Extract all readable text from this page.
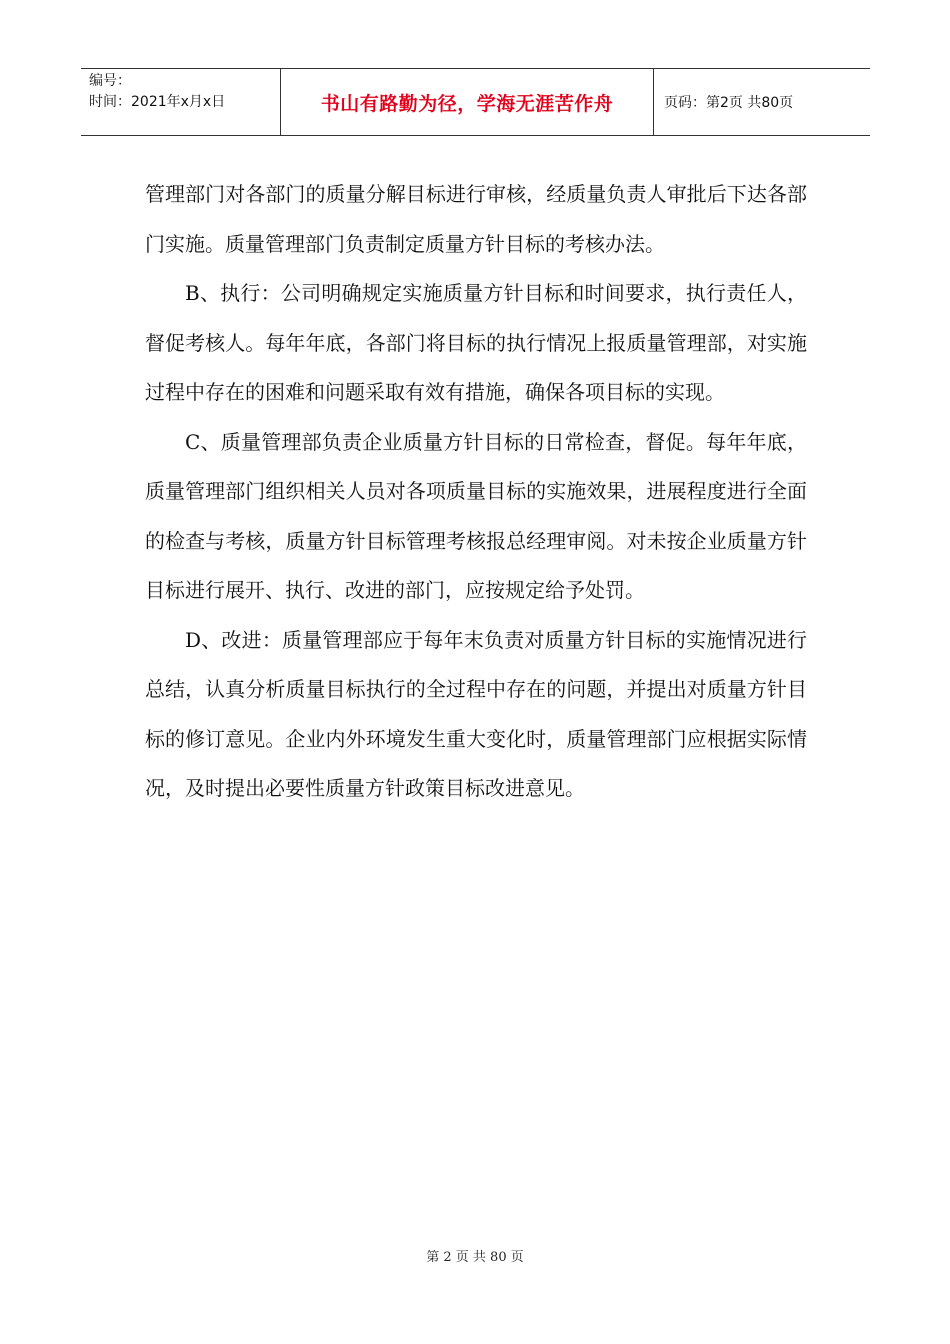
编号：
时间：2021年x月x日	书山有路勤为径，学海无涯苦作舟	页码：第2页 共80页

管理部门对各部门的质量分解目标进行审核，经质量负责人审批后下达各部门实施。质量管理部门负责制定质量方针目标的考核办法。

B、执行：公司明确规定实施质量方针目标和时间要求，执行责任人，督促考核人。每年年底，各部门将目标的执行情况上报质量管理部，对实施过程中存在的困难和问题采取有效有措施，确保各项目标的实现。

C、质量管理部负责企业质量方针目标的日常检查，督促。每年年底，质量管理部门组织相关人员对各项质量目标的实施效果，进展程度进行全面的检查与考核，质量方针目标管理考核报总经理审阅。对未按企业质量方针目标进行展开、执行、改进的部门，应按规定给予处罚。

D、改进：质量管理部应于每年末负责对质量方针目标的实施情况进行总结，认真分析质量目标执行的全过程中存在的问题，并提出对质量方针目标的修订意见。企业内外环境发生重大变化时，质量管理部门应根据实际情况，及时提出必要性质量方针政策目标改进意见。

第 2 页 共 80 页
